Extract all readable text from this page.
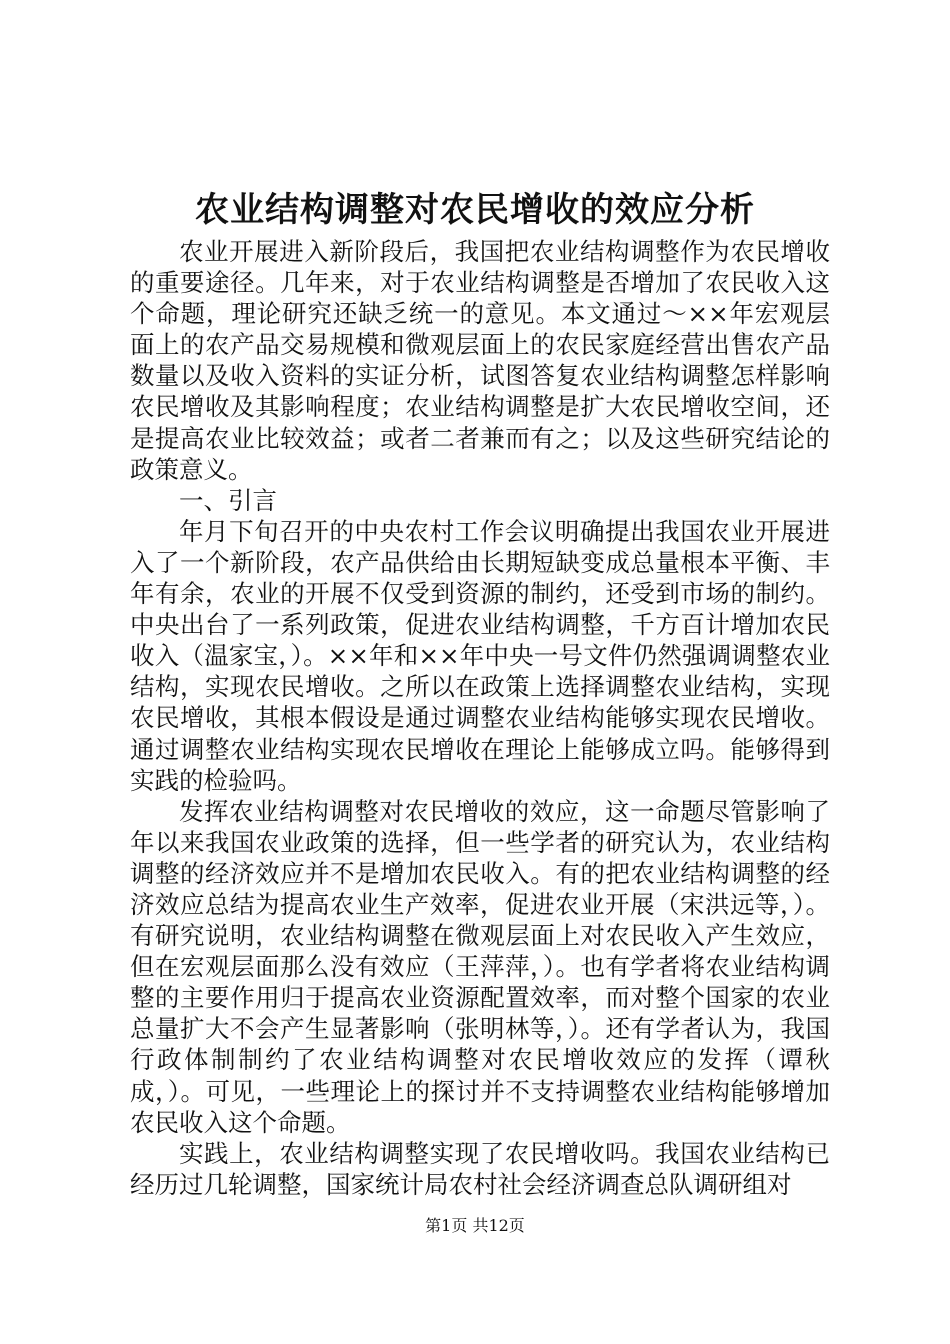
农业结构调整对农民增收的效应分析

农业开展进入新阶段后，我国把农业结构调整作为农民增收的重要途径。几年来，对于农业结构调整是否增加了农民收入这个命题，理论研究还缺乏统一的意见。本文通过～××年宏观层面上的农产品交易规模和微观层面上的农民家庭经营出售农产品数量以及收入资料的实证分析，试图答复农业结构调整怎样影响农民增收及其影响程度；农业结构调整是扩大农民增收空间，还是提高农业比较效益；或者二者兼而有之；以及这些研究结论的政策意义。

一、引言

年月下旬召开的中央农村工作会议明确提出我国农业开展进入了一个新阶段，农产品供给由长期短缺变成总量根本平衡、丰年有余，农业的开展不仅受到资源的制约，还受到市场的制约。中央出台了一系列政策，促进农业结构调整，千方百计增加农民收入（温家宝，）。××年和××年中央一号文件仍然强调调整农业结构，实现农民增收。之所以在政策上选择调整农业结构，实现农民增收，其根本假设是通过调整农业结构能够实现农民增收。通过调整农业结构实现农民增收在理论上能够成立吗。能够得到实践的检验吗。

发挥农业结构调整对农民增收的效应，这一命题尽管影响了年以来我国农业政策的选择，但一些学者的研究认为，农业结构调整的经济效应并不是增加农民收入。有的把农业结构调整的经济效应总结为提高农业生产效率，促进农业开展（宋洪远等，）。有研究说明，农业结构调整在微观层面上对农民收入产生效应，但在宏观层面那么没有效应（王萍萍，）。也有学者将农业结构调整的主要作用归于提高农业资源配置效率，而对整个国家的农业总量扩大不会产生显著影响（张明林等，）。还有学者认为，我国行政体制制约了农业结构调整对农民增收效应的发挥（谭秋成，）。可见，一些理论上的探讨并不支持调整农业结构能够增加农民收入这个命题。

实践上，农业结构调整实现了农民增收吗。我国农业结构已经历过几轮调整，国家统计局农村社会经济调查总队调研组对

第1页 共12页
